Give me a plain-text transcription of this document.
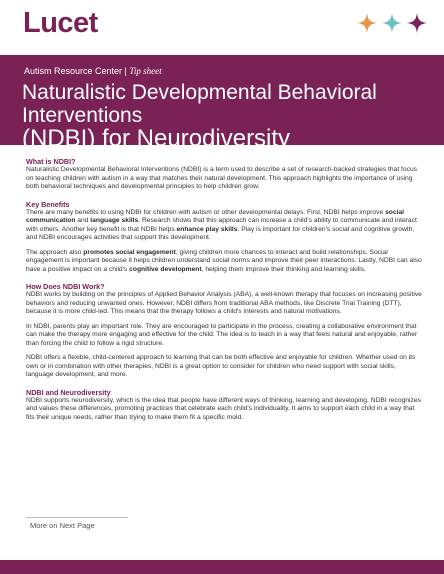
Lucet
Autism Resource Center | Tip sheet
Naturalistic Developmental Behavioral Interventions
(NDBI) for Neurodiversity
What is NDBI?

Naturalistic Developmental Behavioral Interventions (NDBI) is a term used to describe a set of research-backed strategies that focus on teaching children with autism in a way that matches their natural development. This approach highlights the importance of using both behavioral techniques and developmental principles to help children grow.

Key Benefits

There are many benefits to using NDBI for children with autism or other developmental delays. First, NDBI helps improve social communication and language skills. Research shows that this approach can increase a child's ability to communicate and interact with others. Another key benefit is that NDBI helps enhance play skills. Play is important for children's social and cognitive growth, and NDBI encourages activities that support this development.

The approach also promotes social engagement, giving children more chances to interact and build relationships. Social engagement is important because it helps children understand social norms and improve their peer interactions. Lastly, NDBI can also have a positive impact on a child's cognitive development, helping them improve their thinking and learning skills.

How Does NDBI Work?

NDBI works by building on the principles of Applied Behavior Analysis (ABA), a well-known therapy that focuses on increasing positive behaviors and reducing unwanted ones. However, NDBI differs from traditional ABA methods, like Discrete Trial Training (DTT), because it is more child-led. This means that the therapy follows a child's interests and natural motivations.

In NDBI, parents play an important role. They are encouraged to participate in the process, creating a collaborative environment that can make the therapy more engaging and effective for the child. The idea is to teach in a way that feels natural and enjoyable, rather than forcing the child to follow a rigid structure.

NDBI offers a flexible, child-centered approach to learning that can be both effective and enjoyable for children. Whether used on its own or in combination with other therapies, NDBI is a great option to consider for children who need support with social skills, language development, and more.

NDBI and Neurodiversity

NDBI supports neurodiversity, which is the idea that people have different ways of thinking, learning and developing. NDBI recognizes and values these differences, promoting practices that celebrate each child's individuality. It aims to support each child in a way that fits their unique needs, rather than trying to make them fit a specific mold.

More on Next Page
